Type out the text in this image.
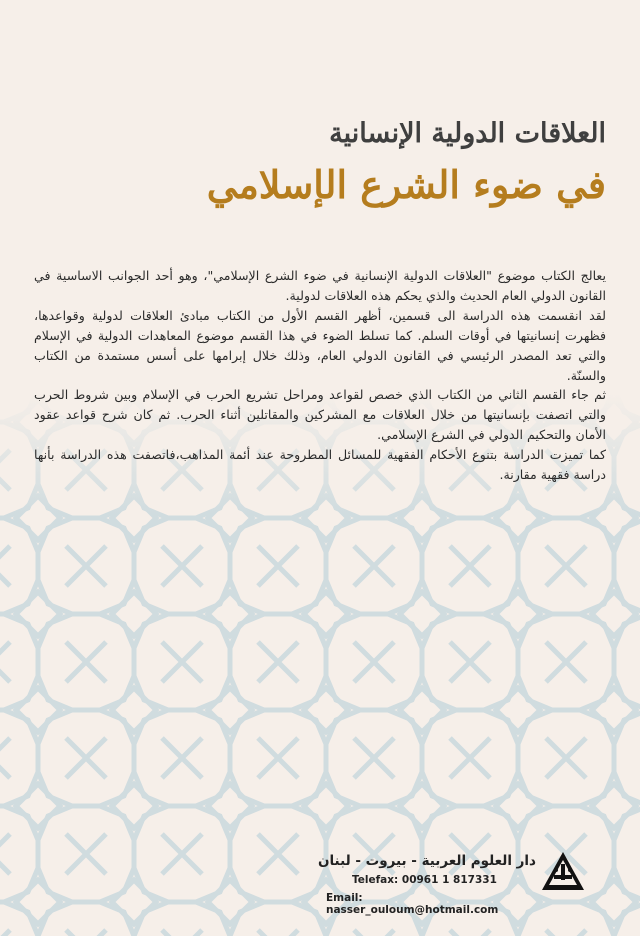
العلاقات الدولية الإنسانية
في ضوء الشرع الإسلامي

يعالج الكتاب موضوع "العلاقات الدولية الإنسانية في ضوء الشرع الإسلامي"، وهو أحد الجوانب الاساسية في القانون الدولي العام الحديث والذي يحكم هذه العلاقات لدولية.

لقد انقسمت هذه الدراسة الى قسمين، أظهر القسم الأول من الكتاب مبادئ العلاقات لدولية وقواعدها، فظهرت إنسانيتها في أوقات السلم. كما تسلط الضوء في هذا القسم موضوع المعاهدات الدولية في الإسلام والتي تعد المصدر الرئيسي في القانون الدولي العام، وذلك خلال إبرامها على أسس مستمدة من الكتاب والسنّة.

ثم جاء القسم الثاني من الكتاب الذي خصص لقواعد ومراحل تشريع الحرب في الإسلام وبين شروط الحرب والتي اتصفت بإنسانيتها من خلال العلاقات مع المشركين والمقاتلين أثناء الحرب. ثم كان شرح قواعد عقود الأمان والتحكيم الدولي في الشرع الإسلامي.

كما تميزت الدراسة بتنوع الأحكام الفقهية للمسائل المطروحة عند أئمة المذاهب،فاتصفت هذه الدراسة بأنها دراسة فقهية مقارنة.

دار العلوم العربية - بيروت - لبنان
Telefax: 00961 1 817331
Email: nasser_ouloum@hotmail.com
